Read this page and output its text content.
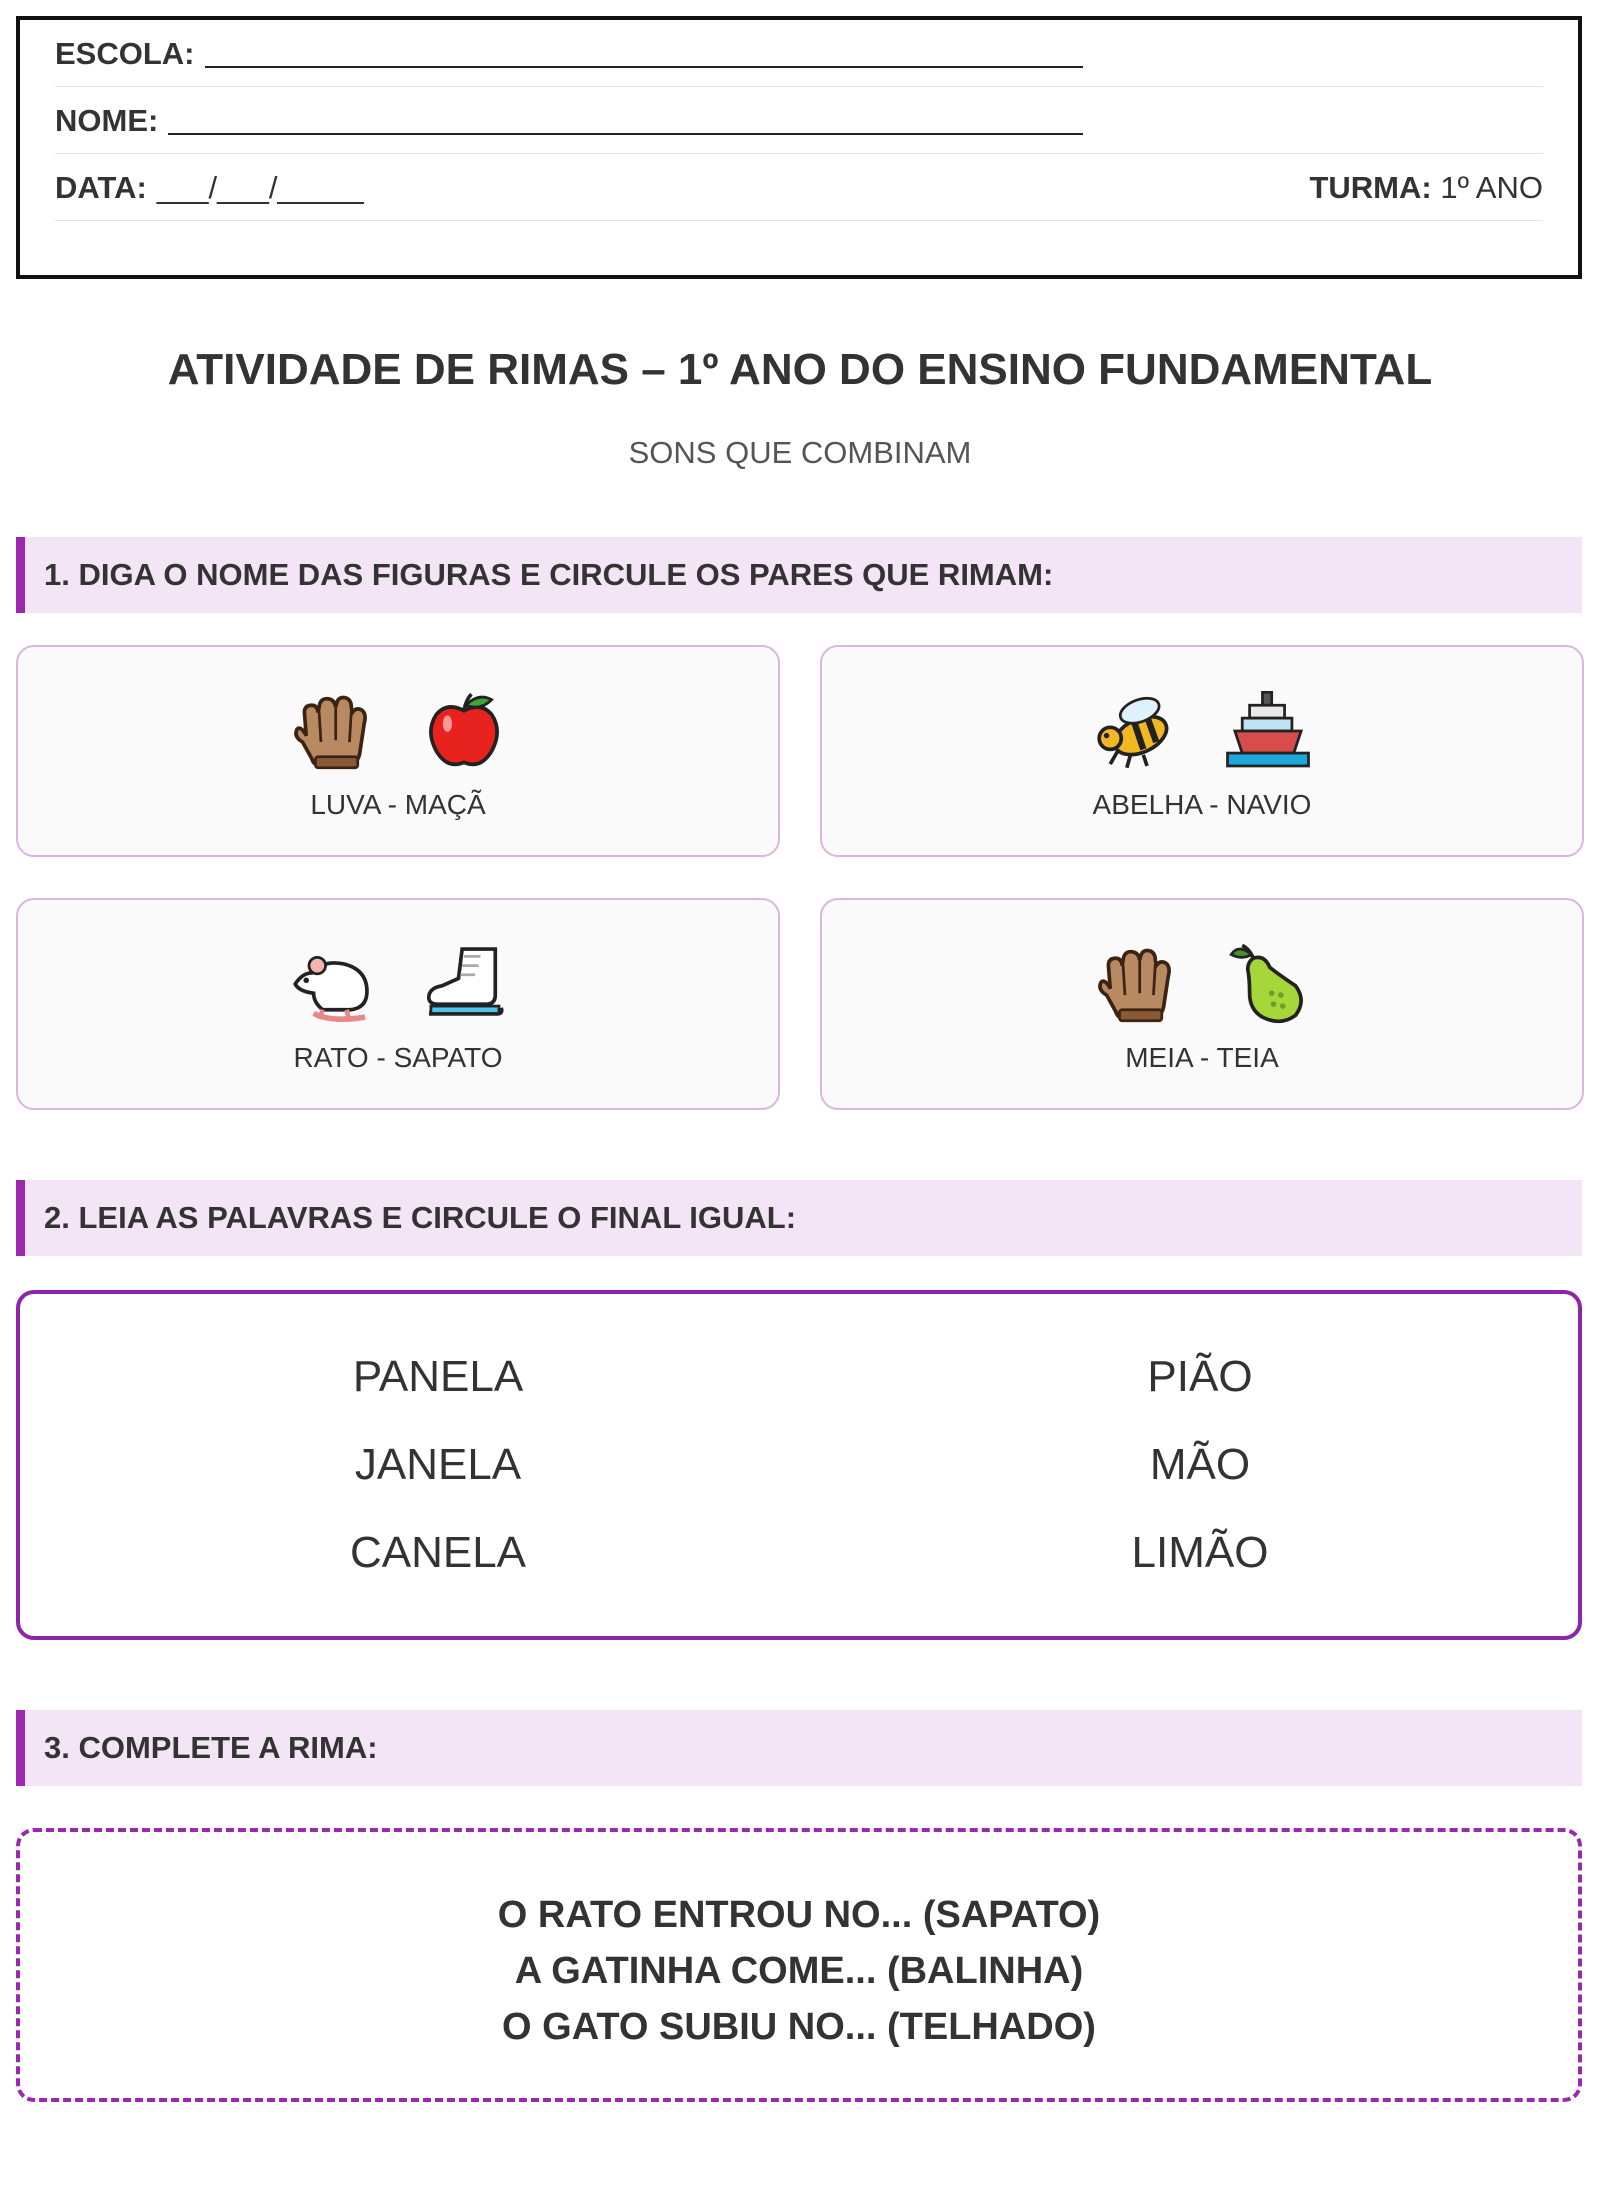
ESCOLA:
NOME:
DATA: ___/___/_____	TURMA: 1º ANO
ATIVIDADE DE RIMAS – 1º ANO DO ENSINO FUNDAMENTAL
SONS QUE COMBINAM
1. DIGA O NOME DAS FIGURAS E CIRCULE OS PARES QUE RIMAM:
LUVA - MAÇÃ	ABELHA - NAVIO
RATO - SAPATO	MEIA - TEIA
2. LEIA AS PALAVRAS E CIRCULE O FINAL IGUAL:
PANELA
JANELA
CANELA
PIÃO
MÃO
LIMÃO
3. COMPLETE A RIMA:
O RATO ENTROU NO... (SAPATO)
A GATINHA COME... (BALINHA)
O GATO SUBIU NO... (TELHADO)
